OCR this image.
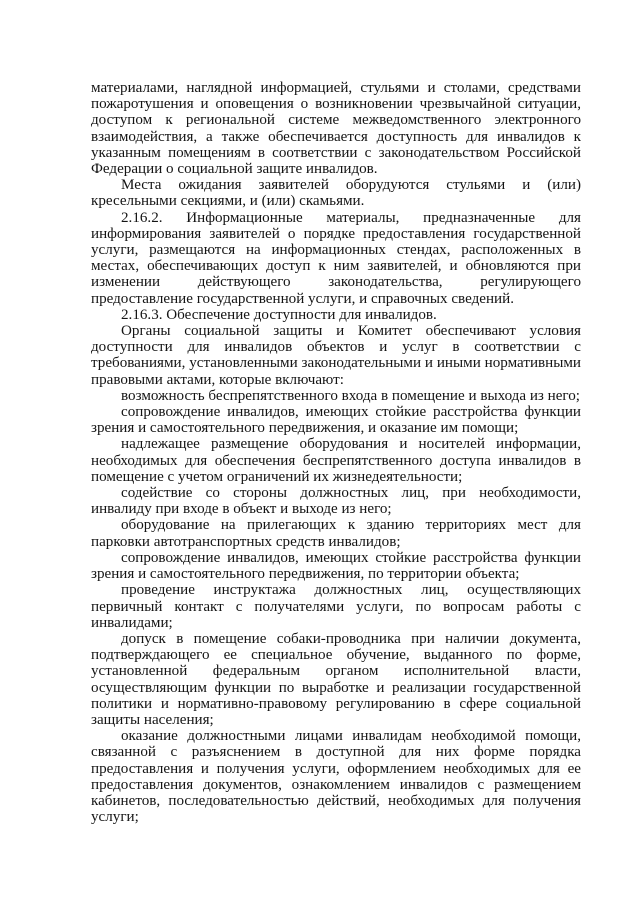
материалами, наглядной информацией, стульями и столами, средствами пожаротушения и оповещения о возникновении чрезвычайной ситуации, доступом к региональной системе межведомственного электронного взаимодействия, а также обеспечивается доступность для инвалидов к указанным помещениям в соответствии с законодательством Российской Федерации о социальной защите инвалидов.

Места ожидания заявителей оборудуются стульями и (или) кресельными секциями, и (или) скамьями.

2.16.2. Информационные материалы, предназначенные для информирования заявителей о порядке предоставления государственной услуги, размещаются на информационных стендах, расположенных в местах, обеспечивающих доступ к ним заявителей, и обновляются при изменении действующего законодательства, регулирующего предоставление государственной услуги, и справочных сведений.

2.16.3. Обеспечение доступности для инвалидов.

Органы социальной защиты и Комитет обеспечивают условия доступности для инвалидов объектов и услуг в соответствии с требованиями, установленными законодательными и иными нормативными правовыми актами, которые включают:

возможность беспрепятственного входа в помещение и выхода из него;

сопровождение инвалидов, имеющих стойкие расстройства функции зрения и самостоятельного передвижения, и оказание им помощи;

надлежащее размещение оборудования и носителей информации, необходимых для обеспечения беспрепятственного доступа инвалидов в помещение с учетом ограничений их жизнедеятельности;

содействие со стороны должностных лиц, при необходимости, инвалиду при входе в объект и выходе из него;

оборудование на прилегающих к зданию территориях мест для парковки автотранспортных средств инвалидов;

сопровождение инвалидов, имеющих стойкие расстройства функции зрения и самостоятельного передвижения, по территории объекта;

проведение инструктажа должностных лиц, осуществляющих первичный контакт с получателями услуги, по вопросам работы с инвалидами;

допуск в помещение собаки-проводника при наличии документа, подтверждающего ее специальное обучение, выданного по форме, установленной федеральным органом исполнительной власти, осуществляющим функции по выработке и реализации государственной политики и нормативно-правовому регулированию в сфере социальной защиты населения;

оказание должностными лицами инвалидам необходимой помощи, связанной с разъяснением в доступной для них форме порядка предоставления и получения услуги, оформлением необходимых для ее предоставления документов, ознакомлением инвалидов с размещением кабинетов, последовательностью действий, необходимых для получения услуги;
